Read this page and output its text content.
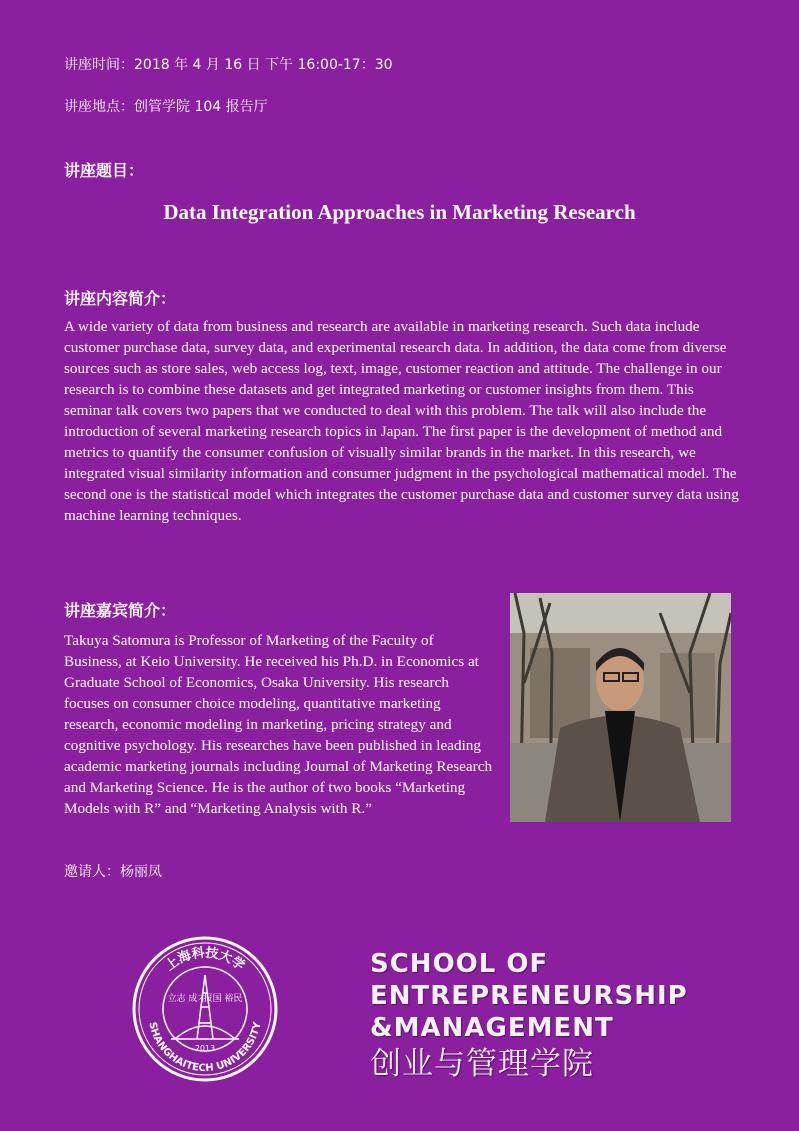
讲座时间：2018 年 4 月 16 日 下午 16:00-17：30
讲座地点：创管学院 104 报告厅
讲座题目：
Data Integration Approaches in Marketing Research
讲座内容简介：
A wide variety of data from business and research are available in marketing research. Such data include customer purchase data, survey data, and experimental research data. In addition, the data come from diverse sources such as store sales, web access log, text, image, customer reaction and attitude. The challenge in our research is to combine these datasets and get integrated marketing or customer insights from them. This seminar talk covers two papers that we conducted to deal with this problem. The talk will also include the introduction of several marketing research topics in Japan. The first paper is the development of method and metrics to quantify the consumer confusion of visually similar brands in the market. In this research, we integrated visual similarity information and consumer judgment in the psychological mathematical model. The second one is the statistical model which integrates the customer purchase data and customer survey data using machine learning techniques.
讲座嘉宾简介：
Takuya Satomura is Professor of Marketing of the Faculty of Business, at Keio University. He received his Ph.D. in Economics at Graduate School of Economics, Osaka University. His research focuses on consumer choice modeling, quantitative marketing research, economic modeling in marketing, pricing strategy and cognitive psychology. His researches have been published in leading academic marketing journals including Journal of Marketing Research and Marketing Science. He is the author of two books “Marketing Models with R” and “Marketing Analysis with R.”
邀请人：杨丽凤
上海科技大学
SHANGHAITECH UNIVERSITY
立志 成才
报国 裕民
2013
SCHOOL OF
ENTREPRENEURSHIP
&MANAGEMENT
创业与管理学院
